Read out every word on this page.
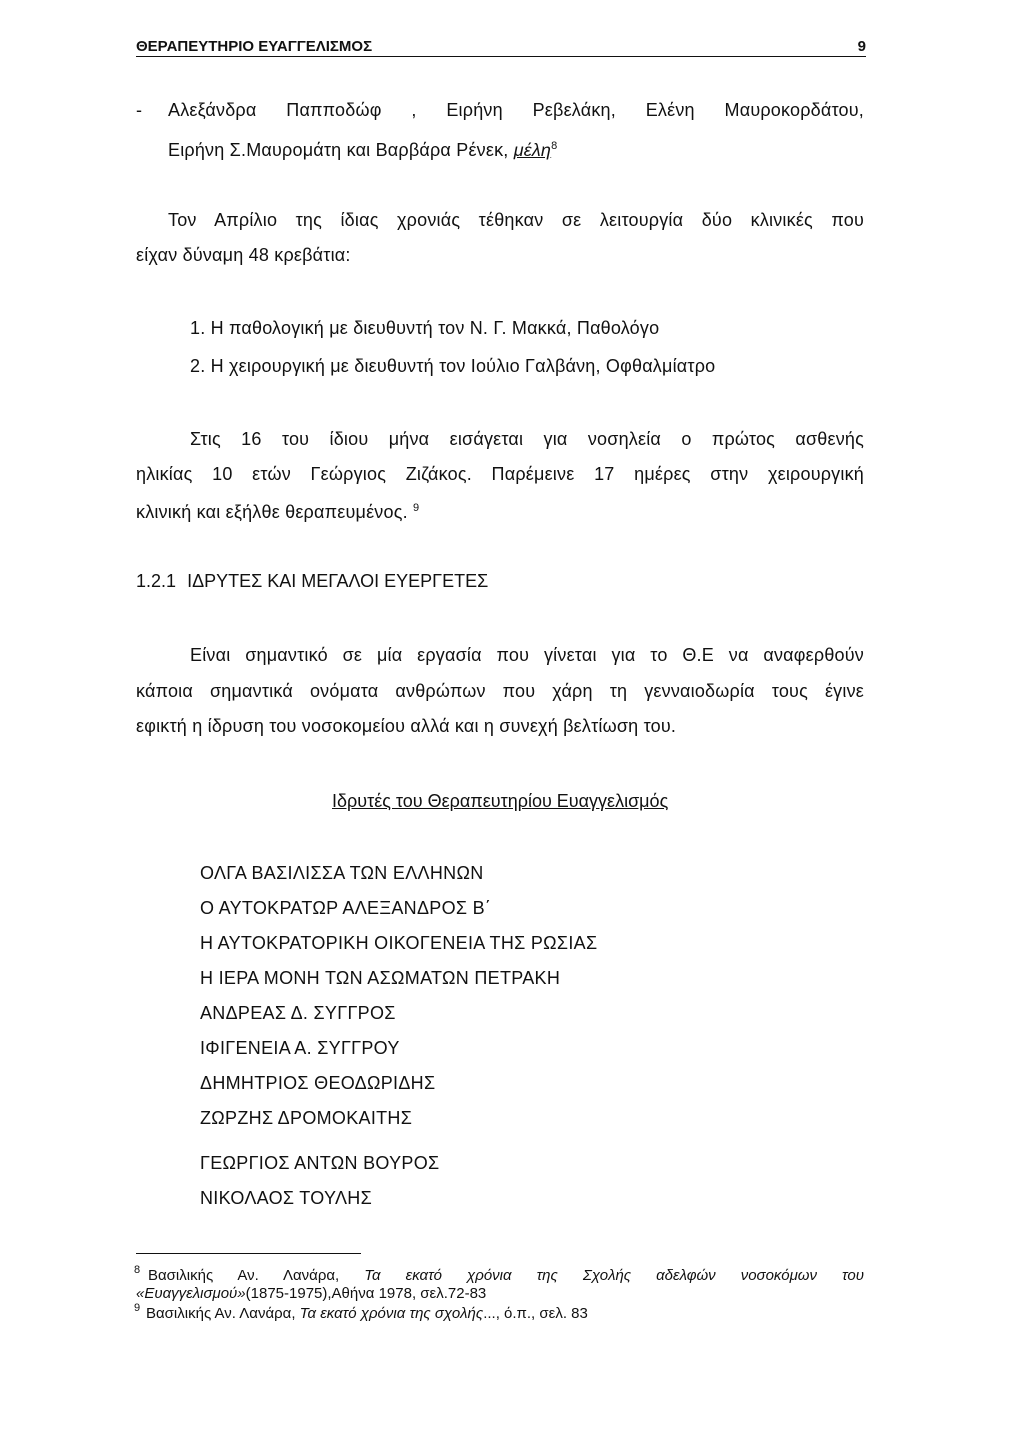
ΘΕΡΑΠΕΥΤΗΡΙΟ ΕΥΑΓΓΕΛΙΣΜΟΣ	9
- Αλεξάνδρα Παπποδώφ , Ειρήνη Ρεβελάκη, Ελένη Μαυροκορδάτου,
Ειρήνη Σ.Μαυρομάτη και Βαρβάρα Ρένεκ, μέλη$^8$
Τον Απρίλιο της ίδιας χρονιάς τέθηκαν σε λειτουργία δύο κλινικές που
είχαν δύναμη 48 κρεβάτια:
1. Η παθολογική με διευθυντή τον Ν. Γ. Μακκά, Παθολόγο
2. Η χειρουργική με διευθυντή τον Ιούλιο Γαλβάνη, Οφθαλμίατρο
Στις 16 του ίδιου μήνα εισάγεται για νοσηλεία ο πρώτος ασθενής
ηλικίας 10 ετών Γεώργιος Ζιζάκος. Παρέμεινε 17 ημέρες στην χειρουργική
κλινική και εξήλθε θεραπευμένος. $^9$
1.2.1 ΙΔΡΥΤΕΣ ΚΑΙ ΜΕΓΑΛΟΙ ΕΥΕΡΓΕΤΕΣ
Είναι σημαντικό σε μία εργασία που γίνεται για το Θ.Ε να αναφερθούν
κάποια σημαντικά ονόματα ανθρώπων που χάρη τη γενναιοδωρία τους έγινε
εφικτή η ίδρυση του νοσοκομείου αλλά και η συνεχή βελτίωση του.
Ιδρυτές του Θεραπευτηρίου Ευαγγελισμός
ΟΛΓΑ ΒΑΣΙΛΙΣΣΑ ΤΩΝ ΕΛΛΗΝΩΝ
Ο ΑΥΤΟΚΡΑΤΩΡ ΑΛΕΞΑΝΔΡΟΣ Β΄
Η ΑΥΤΟΚΡΑΤΟΡΙΚΗ ΟΙΚΟΓΕΝΕΙΑ ΤΗΣ ΡΩΣΙΑΣ
Η ΙΕΡΑ ΜΟΝΗ ΤΩΝ ΑΣΩΜΑΤΩΝ ΠΕΤΡΑΚΗ
ΑΝΔΡΕΑΣ Δ. ΣΥΓΓΡΟΣ
ΙΦΙΓΕΝΕΙΑ Α. ΣΥΓΓΡΟΥ
ΔΗΜΗΤΡΙΟΣ ΘΕΟΔΩΡΙΔΗΣ
ΖΩΡΖΗΣ ΔΡΟΜΟΚΑΙΤΗΣ
ΓΕΩΡΓΙΟΣ ΑΝΤΩΝ ΒΟΥΡΟΣ
ΝΙΚΟΛΑΟΣ ΤΟΥΛΗΣ
$^8$ Βασιλικής Αν. Λανάρα, Τα εκατό χρόνια της Σχολής αδελφών νοσοκόμων του
«Ευαγγελισμού»(1875-1975),Αθήνα 1978, σελ.72-83
$^9$ Βασιλικής Αν. Λανάρα, Τα εκατό χρόνια της σχολής..., ό.π., σελ. 83
